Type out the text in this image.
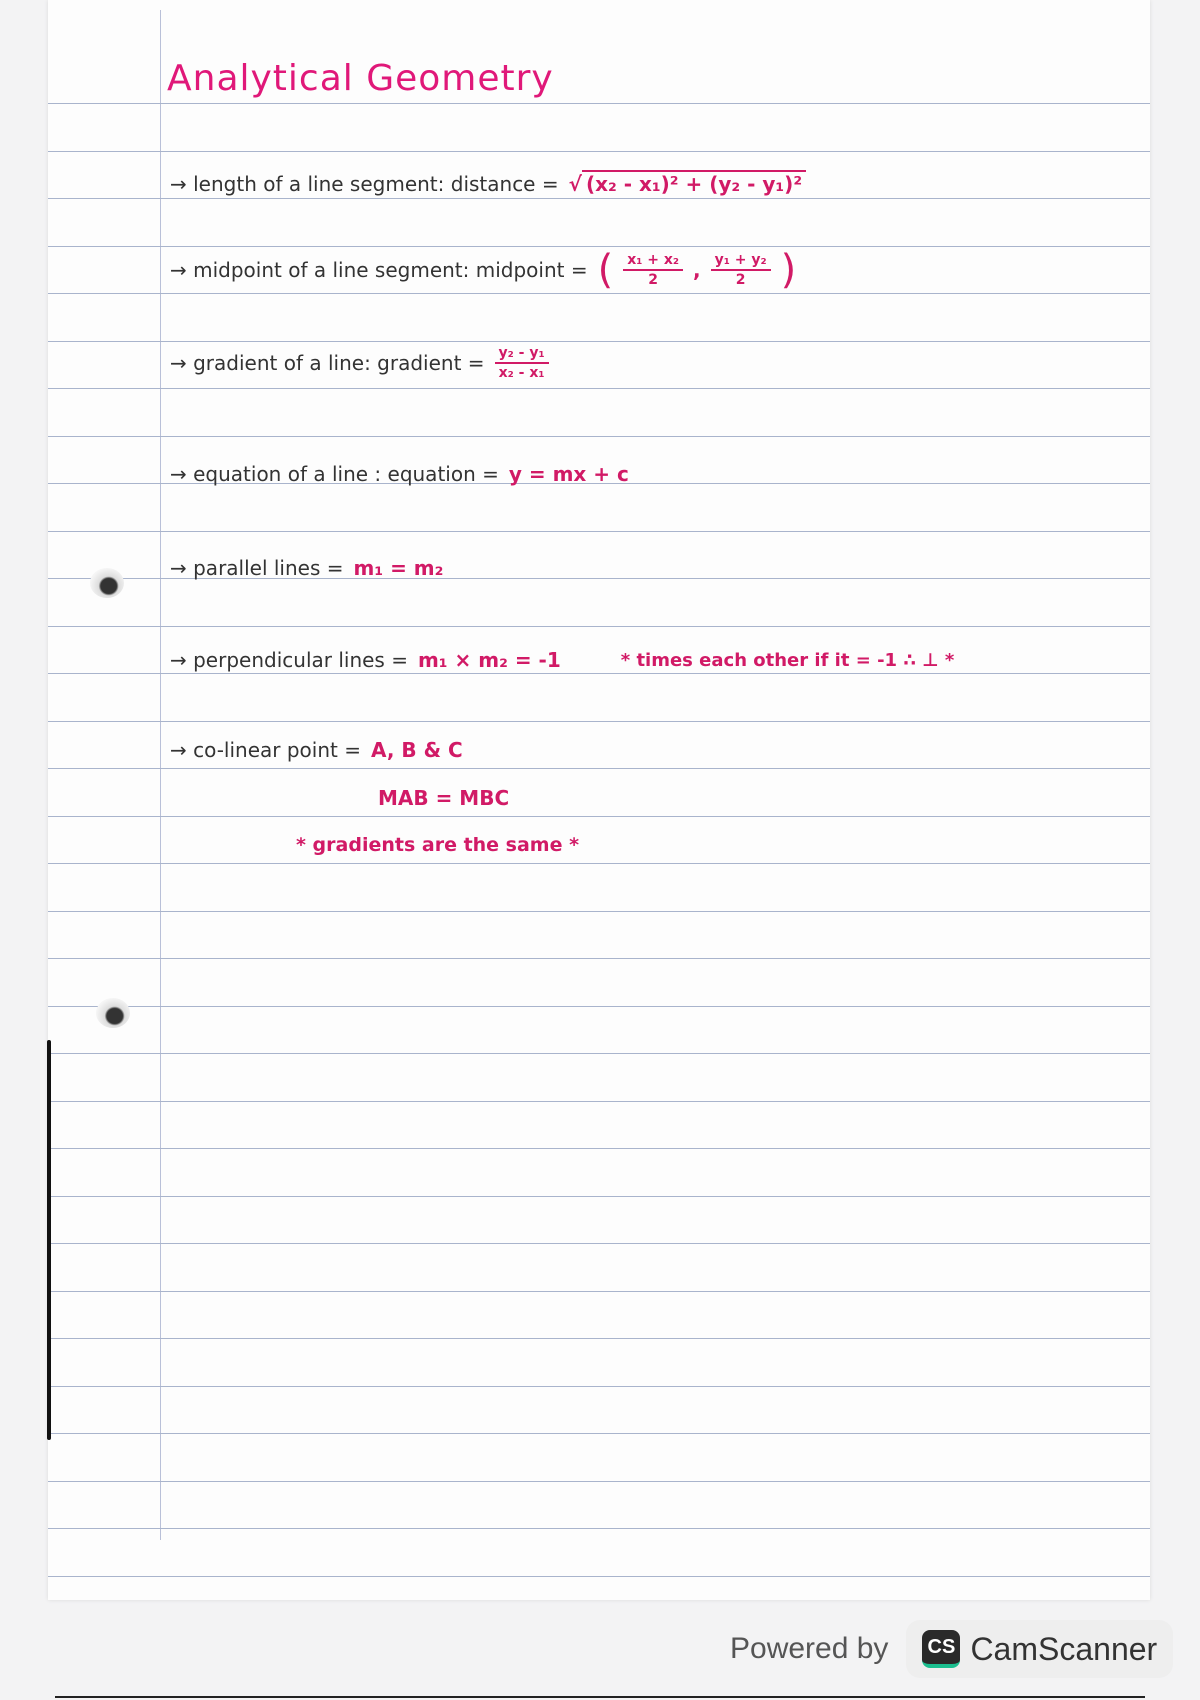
Analytical Geometry
→ length of a line segment: distance = √ (x₂ - x₁)² + (y₂ - y₁)²
→ midpoint of a line segment: midpoint = ( $\frac{\text{x₁ + x₂}}{2}$ , $\frac{\text{y₁ + y₂}}{2}$ )
→ gradient of a line: gradient = $\frac{\text{y₂ - y₁}}{\text{x₂ - x₁}}$
→ equation of a line : equation = y = mx + c
→ parallel lines = m₁ = m₂
→ perpendicular lines = m₁ × m₂ = -1	* times each other if it = -1 ∴ ⊥ *
→ co-linear point = A, B & C
MAB = MBC
* gradients are the same *
Powered by CS CamScanner
